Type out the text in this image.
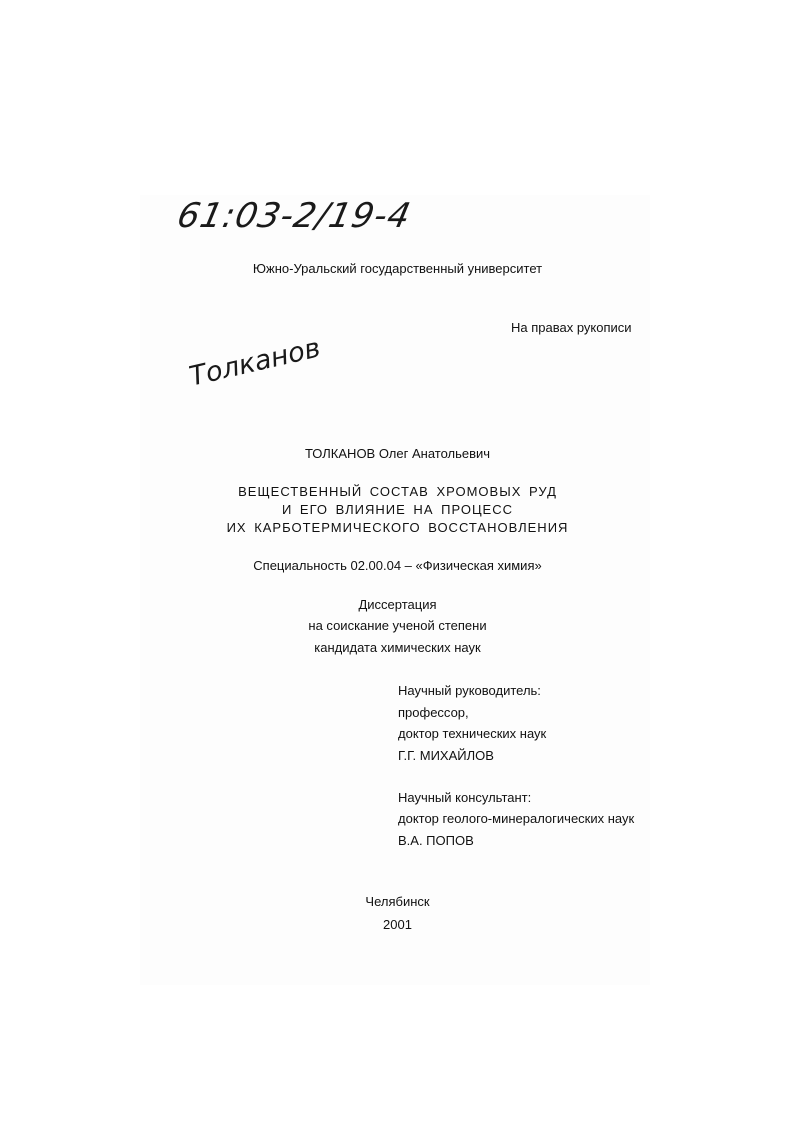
61:03-2/19-4
Южно-Уральский государственный университет
На правах рукописи
Толканов
ТОЛКАНОВ Олег Анатольевич
ВЕЩЕСТВЕННЫЙ СОСТАВ ХРОМОВЫХ РУД
И ЕГО ВЛИЯНИЕ НА ПРОЦЕСС
ИХ КАРБОТЕРМИЧЕСКОГО ВОССТАНОВЛЕНИЯ
Специальность 02.00.04 – «Физическая химия»
Диссертация
на соискание ученой степени
кандидата химических наук
Научный руководитель:
профессор,
доктор технических наук
Г.Г. МИХАЙЛОВ
Научный консультант:
доктор геолого-минералогических наук
В.А. ПОПОВ
Челябинск
2001
